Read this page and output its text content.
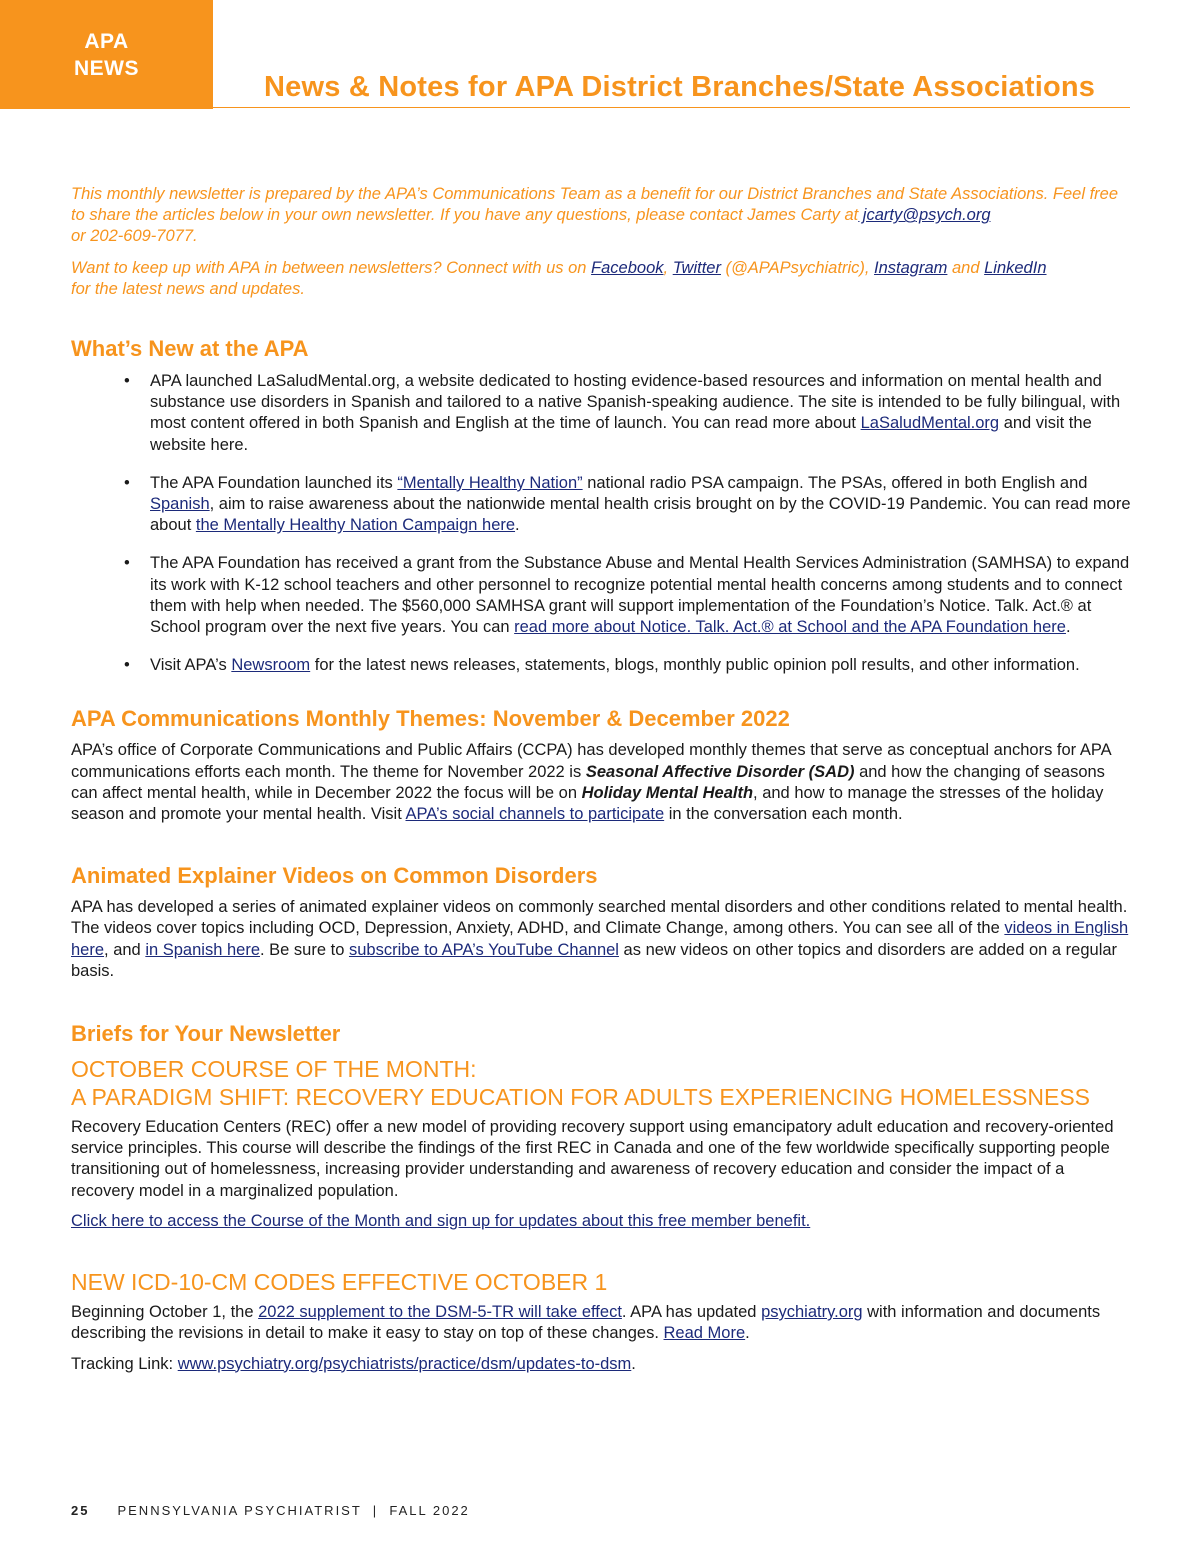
APA
NEWS
News & Notes for APA District Branches/State Associations

This monthly newsletter is prepared by the APA’s Communications Team as a benefit for our District Branches and State Associations. Feel free to share the articles below in your own newsletter. If you have any questions, please contact James Carty at jcarty@psych.org
or 202-609-7077.

Want to keep up with APA in between newsletters? Connect with us on Facebook, Twitter (@APAPsychiatric), Instagram and LinkedIn
for the latest news and updates.

What’s New at the APA
• APA launched LaSaludMental.org, a website dedicated to hosting evidence-based resources and information on mental health and substance use disorders in Spanish and tailored to a native Spanish-speaking audience. The site is intended to be fully bilingual, with most content offered in both Spanish and English at the time of launch. You can read more about LaSaludMental.org and visit the website here.
• The APA Foundation launched its “Mentally Healthy Nation” national radio PSA campaign. The PSAs, offered in both English and Spanish, aim to raise awareness about the nationwide mental health crisis brought on by the COVID-19 Pandemic. You can read more about the Mentally Healthy Nation Campaign here.
• The APA Foundation has received a grant from the Substance Abuse and Mental Health Services Administration (SAMHSA) to expand its work with K-12 school teachers and other personnel to recognize potential mental health concerns among students and to connect them with help when needed. The $560,000 SAMHSA grant will support implementation of the Foundation’s Notice. Talk. Act.® at School program over the next five years. You can read more about Notice. Talk. Act.® at School and the APA Foundation here.
• Visit APA’s Newsroom for the latest news releases, statements, blogs, monthly public opinion poll results, and other information.
APA Communications Monthly Themes: November & December 2022

APA’s office of Corporate Communications and Public Affairs (CCPA) has developed monthly themes that serve as conceptual anchors for APA communications efforts each month. The theme for November 2022 is Seasonal Affective Disorder (SAD) and how the changing of seasons can affect mental health, while in December 2022 the focus will be on Holiday Mental Health, and how to manage the stresses of the holiday season and promote your mental health. Visit APA’s social channels to participate in the conversation each month.

Animated Explainer Videos on Common Disorders

APA has developed a series of animated explainer videos on commonly searched mental disorders and other conditions related to mental health. The videos cover topics including OCD, Depression, Anxiety, ADHD, and Climate Change, among others. You can see all of the videos in English here, and in Spanish here. Be sure to subscribe to APA’s YouTube Channel as new videos on other topics and disorders are added on a regular basis.

Briefs for Your Newsletter

OCTOBER COURSE OF THE MONTH:
A PARADIGM SHIFT: RECOVERY EDUCATION FOR ADULTS EXPERIENCING HOMELESSNESS

Recovery Education Centers (REC) offer a new model of providing recovery support using emancipatory adult education and recovery-oriented service principles. This course will describe the findings of the first REC in Canada and one of the few worldwide specifically supporting people transitioning out of homelessness, increasing provider understanding and awareness of recovery education and consider the impact of a recovery model in a marginalized population.

Click here to access the Course of the Month and sign up for updates about this free member benefit.

NEW ICD-10-CM CODES EFFECTIVE OCTOBER 1

Beginning October 1, the 2022 supplement to the DSM-5-TR will take effect. APA has updated psychiatry.org with information and documents describing the revisions in detail to make it easy to stay on top of these changes. Read More.

Tracking Link: www.psychiatry.org/psychiatrists/practice/dsm/updates-to-dsm.

25 PENNSYLVANIA PSYCHIATRIST  |  FALL 2022
